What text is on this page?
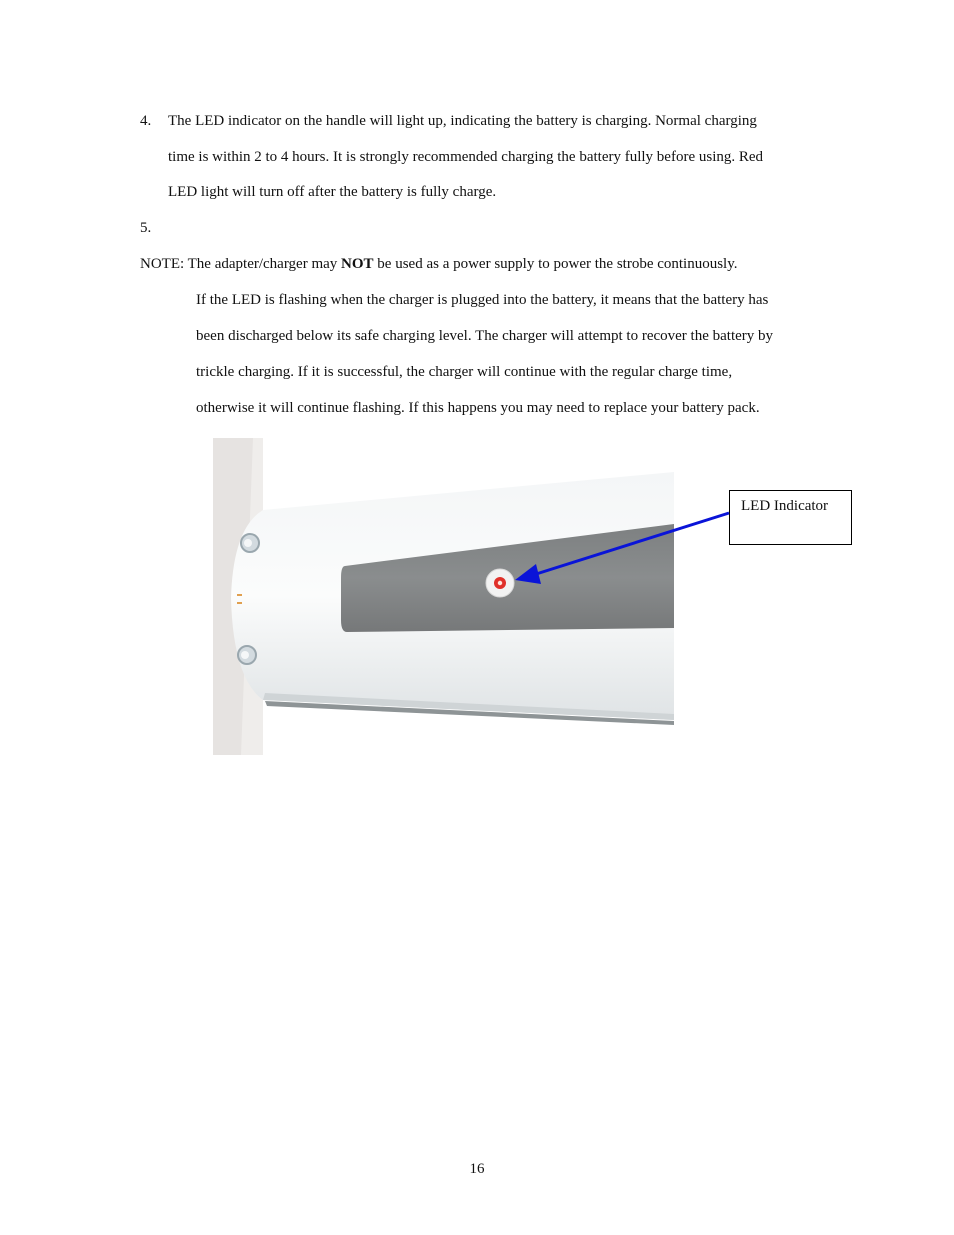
4. The LED indicator on the handle will light up, indicating the battery is charging. Normal charging
time is within 2 to 4 hours. It is strongly recommended charging the battery fully before using. Red
LED light will turn off after the battery is fully charge.
5.
NOTE: The adapter/charger may NOT be used as a power supply to power the strobe continuously.
If the LED is flashing when the charger is plugged into the battery, it means that the battery has
been discharged below its safe charging level. The charger will attempt to recover the battery by
trickle charging. If it is successful, the charger will continue with the regular charge time,
otherwise it will continue flashing. If this happens you may need to replace your battery pack.
LED Indicator
16
